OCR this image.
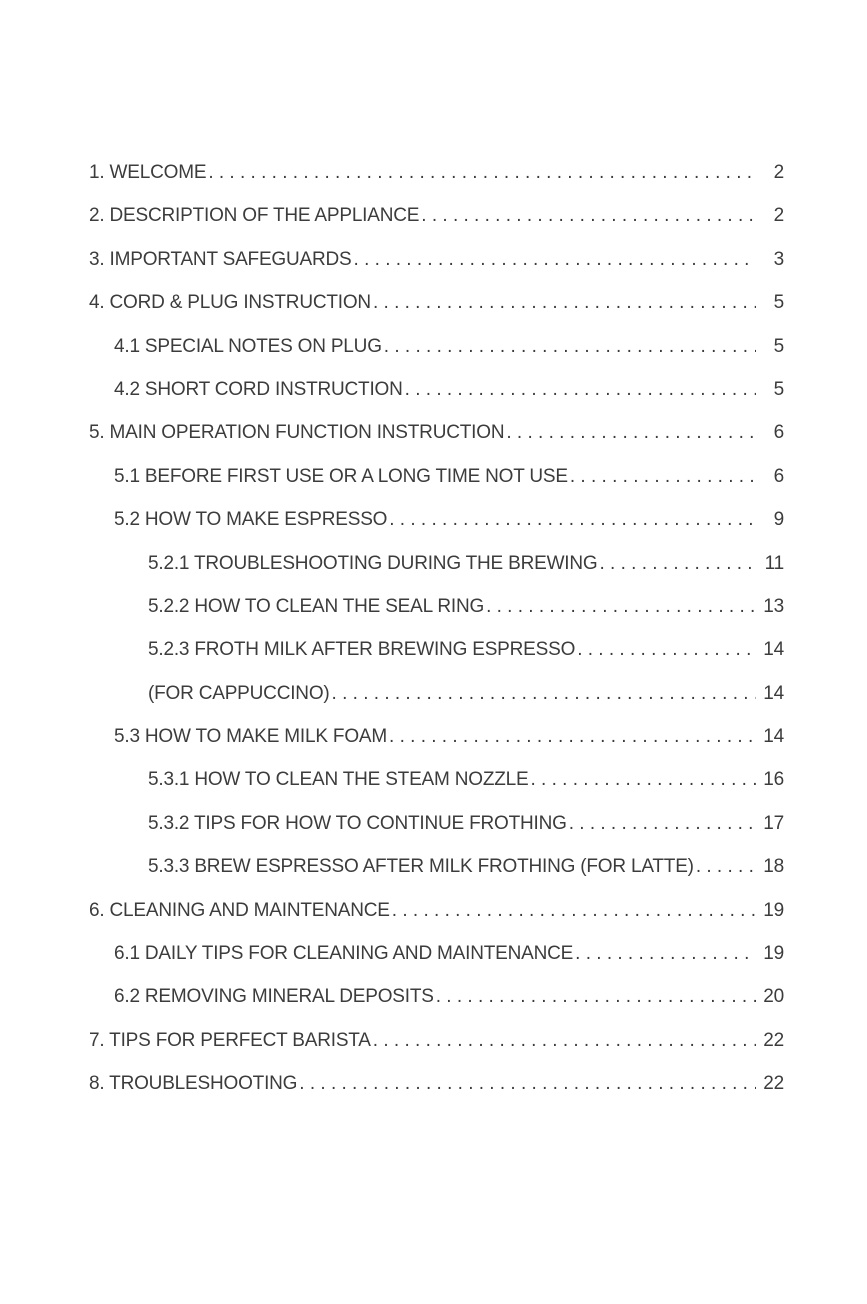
1. WELCOME . . .	2
2. DESCRIPTION OF THE APPLIANCE . . .	2
3. IMPORTANT SAFEGUARDS . . .	3
4. CORD & PLUG INSTRUCTION . . .	5
4.1 SPECIAL NOTES ON PLUG . . .	5
4.2 SHORT CORD INSTRUCTION . . .	5
5. MAIN OPERATION FUNCTION INSTRUCTION . . .	6
5.1 BEFORE FIRST USE OR A LONG TIME NOT USE . . .	6
5.2 HOW TO MAKE ESPRESSO . . .	9
5.2.1 TROUBLESHOOTING DURING THE BREWING . . .	11
5.2.2 HOW TO CLEAN THE SEAL RING . . .	13
5.2.3 FROTH MILK AFTER BREWING ESPRESSO . . .	14
(FOR CAPPUCCINO) . . .	14
5.3 HOW TO MAKE MILK FOAM . . .	14
5.3.1 HOW TO CLEAN THE STEAM NOZZLE . . .	16
5.3.2 TIPS FOR HOW TO CONTINUE FROTHING . . .	17
5.3.3 BREW ESPRESSO AFTER MILK FROTHING (FOR LATTE) . . .	18
6. CLEANING AND MAINTENANCE . . .	19
6.1 DAILY TIPS FOR CLEANING AND MAINTENANCE . . .	19
6.2 REMOVING MINERAL DEPOSITS . . .	20
7. TIPS FOR PERFECT BARISTA . . .	22
8. TROUBLESHOOTING . . .	22
